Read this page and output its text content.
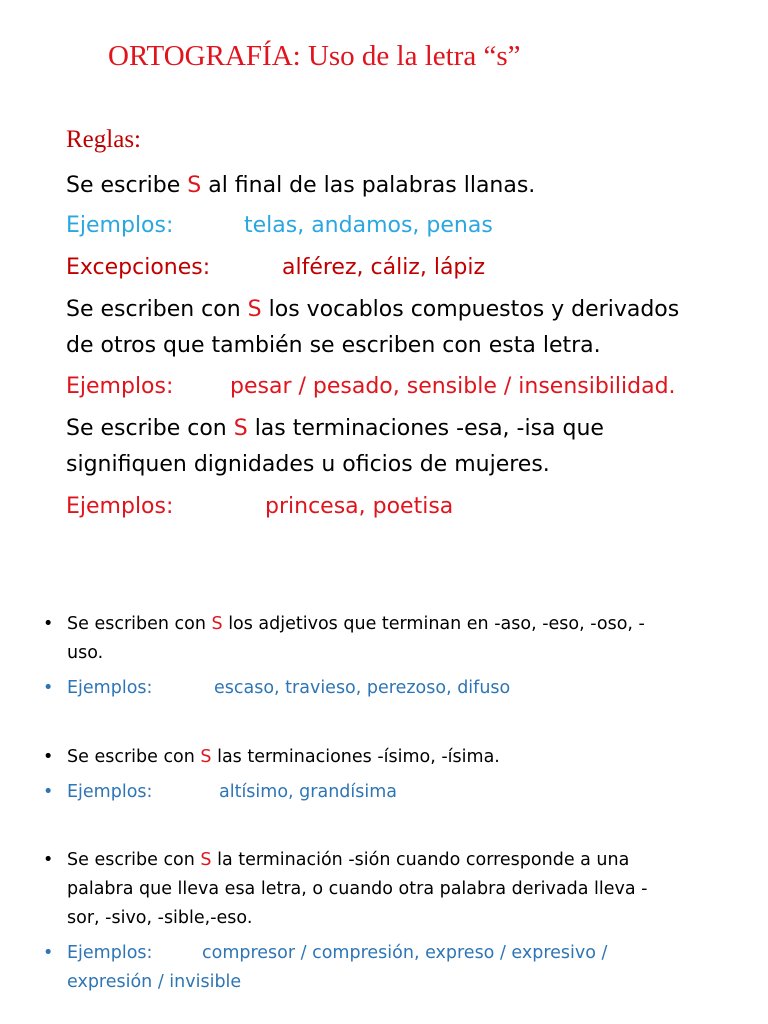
ORTOGRAFÍA: Uso de la letra “s”
Reglas:
Se escribe S al final de las palabras llanas.
Ejemplos:	telas, andamos, penas
Excepciones:	alférez, cáliz, lápiz
Se escriben con S los vocablos compuestos y derivados
de otros que también se escriben con esta letra.
Ejemplos:	pesar / pesado, sensible / insensibilidad.
Se escribe con S las terminaciones -esa, -isa que
signifiquen dignidades u oficios de mujeres.
Ejemplos:	princesa, poetisa
• Se escriben con S los adjetivos que terminan en -aso, -eso, -oso, -
uso.
• Ejemplos:	escaso, travieso, perezoso, difuso
• Se escribe con S las terminaciones -ísimo, -ísima.
• Ejemplos:	altísimo, grandísima
• Se escribe con S la terminación -sión cuando corresponde a una
palabra que lleva esa letra, o cuando otra palabra derivada lleva -
sor, -sivo, -sible,-eso.
• Ejemplos:	compresor / compresión, expreso / expresivo /
expresión / invisible
